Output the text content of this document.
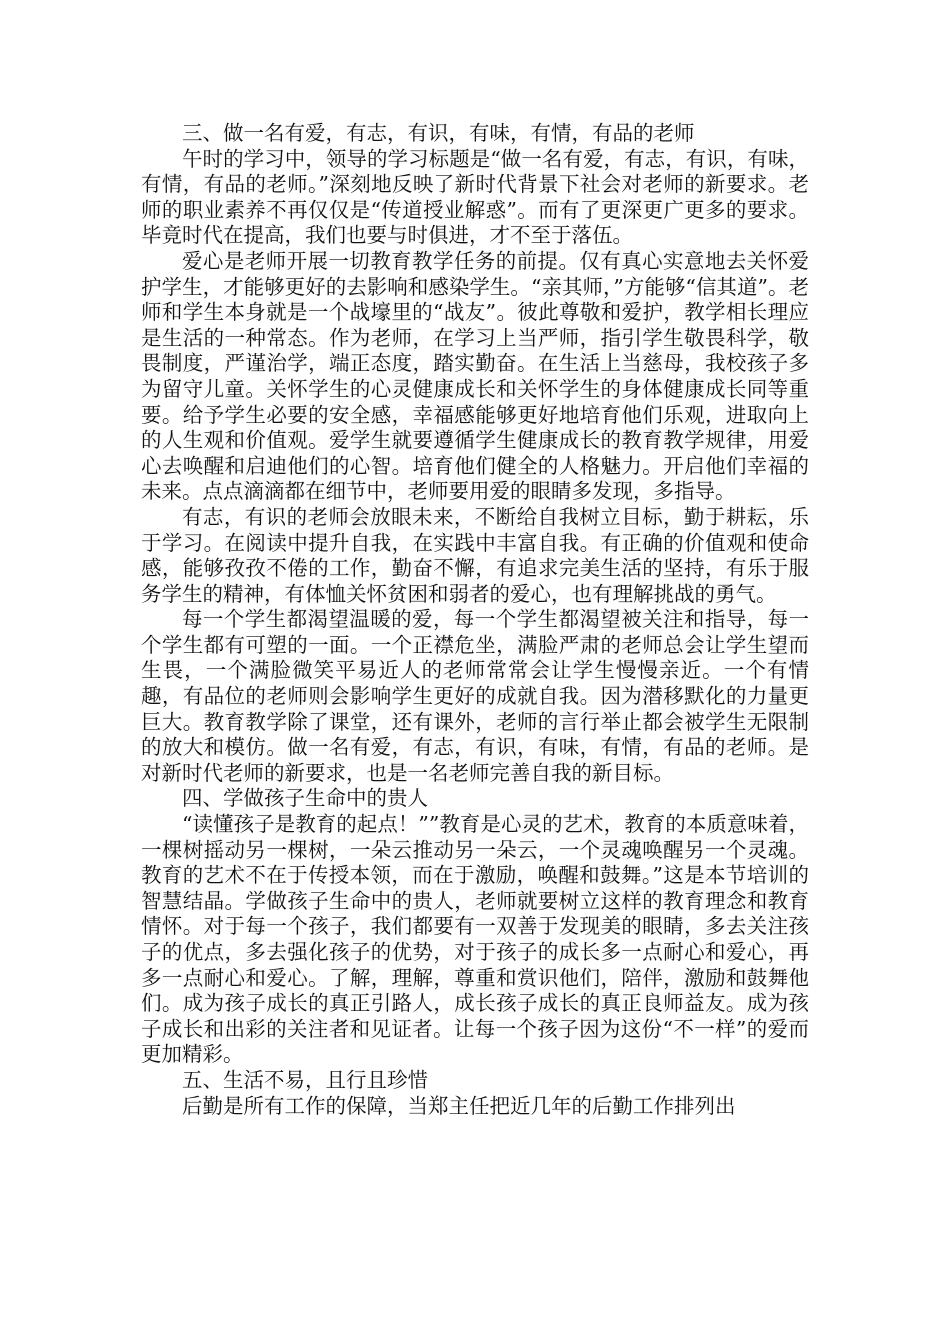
三、做一名有爱，有志，有识，有味，有情，有品的老师

午时的学习中，领导的学习标题是“做一名有爱，有志，有识，有味，有情，有品的老师。”深刻地反映了新时代背景下社会对老师的新要求。老师的职业素养不再仅仅是“传道授业解惑”。而有了更深更广更多的要求。毕竟时代在提高，我们也要与时俱进，才不至于落伍。

爱心是老师开展一切教育教学任务的前提。仅有真心实意地去关怀爱护学生，才能够更好的去影响和感染学生。“亲其师，”方能够“信其道”。老师和学生本身就是一个战壕里的“战友”。彼此尊敬和爱护，教学相长理应是生活的一种常态。作为老师，在学习上当严师，指引学生敬畏科学，敬畏制度，严谨治学，端正态度，踏实勤奋。在生活上当慈母，我校孩子多为留守儿童。关怀学生的心灵健康成长和关怀学生的身体健康成长同等重要。给予学生必要的安全感，幸福感能够更好地培育他们乐观，进取向上的人生观和价值观。爱学生就要遵循学生健康成长的教育教学规律，用爱心去唤醒和启迪他们的心智。培育他们健全的人格魅力。开启他们幸福的未来。点点滴滴都在细节中，老师要用爱的眼睛多发现，多指导。

有志，有识的老师会放眼未来，不断给自我树立目标，勤于耕耘，乐于学习。在阅读中提升自我，在实践中丰富自我。有正确的价值观和使命感，能够孜孜不倦的工作，勤奋不懈，有追求完美生活的坚持，有乐于服务学生的精神，有体恤关怀贫困和弱者的爱心，也有理解挑战的勇气。

每一个学生都渴望温暖的爱，每一个学生都渴望被关注和指导，每一个学生都有可塑的一面。一个正襟危坐，满脸严肃的老师总会让学生望而生畏，一个满脸微笑平易近人的老师常常会让学生慢慢亲近。一个有情趣，有品位的老师则会影响学生更好的成就自我。因为潜移默化的力量更巨大。教育教学除了课堂，还有课外，老师的言行举止都会被学生无限制的放大和模仿。做一名有爱，有志，有识，有味，有情，有品的老师。是对新时代老师的新要求，也是一名老师完善自我的新目标。

四、学做孩子生命中的贵人

“读懂孩子是教育的起点！””教育是心灵的艺术，教育的本质意味着，一棵树摇动另一棵树，一朵云推动另一朵云，一个灵魂唤醒另一个灵魂。教育的艺术不在于传授本领，而在于激励，唤醒和鼓舞。”这是本节培训的智慧结晶。学做孩子生命中的贵人，老师就要树立这样的教育理念和教育情怀。对于每一个孩子，我们都要有一双善于发现美的眼睛，多去关注孩子的优点，多去强化孩子的优势，对于孩子的成长多一点耐心和爱心，再多一点耐心和爱心。了解，理解，尊重和赏识他们，陪伴，激励和鼓舞他们。成为孩子成长的真正引路人，成长孩子成长的真正良师益友。成为孩子成长和出彩的关注者和见证者。让每一个孩子因为这份“不一样”的爱而更加精彩。

五、生活不易，且行且珍惜

后勤是所有工作的保障，当郑主任把近几年的后勤工作排列出
